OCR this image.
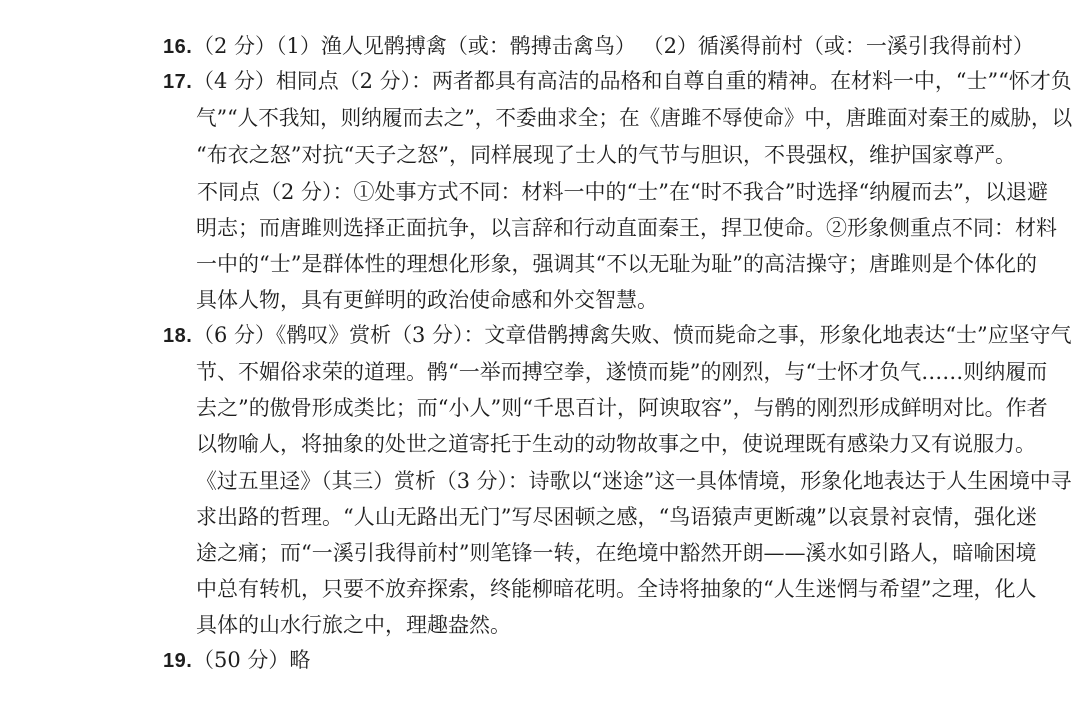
16. （2 分）（1）渔人见鹘搏禽（或：鹘搏击禽鸟） （2）循溪得前村（或：一溪引我得前村）
17. （4 分）相同点（2 分）：两者都具有高洁的品格和自尊自重的精神。在材料一中，“士”“怀才负
气”“人不我知，则纳履而去之”，不委曲求全；在《唐雎不辱使命》中，唐雎面对秦王的威胁，以
“布衣之怒”对抗“天子之怒”，同样展现了士人的气节与胆识，不畏强权，维护国家尊严。
不同点（2 分）：①处事方式不同：材料一中的“士”在“时不我合”时选择“纳履而去”，以退避
明志；而唐雎则选择正面抗争，以言辞和行动直面秦王，捍卫使命。②形象侧重点不同：材料
一中的“士”是群体性的理想化形象，强调其“不以无耻为耻”的高洁操守；唐雎则是个体化的
具体人物，具有更鲜明的政治使命感和外交智慧。
18. （6 分）《鹘叹》赏析（3 分）：文章借鹘搏禽失败、愤而毙命之事，形象化地表达“士”应坚守气
节、不媚俗求荣的道理。鹘“一举而搏空拳，遂愤而毙”的刚烈，与“士怀才负气……则纳履而
去之”的傲骨形成类比；而“小人”则“千思百计，阿谀取容”，与鹘的刚烈形成鲜明对比。作者
以物喻人，将抽象的处世之道寄托于生动的动物故事之中，使说理既有感染力又有说服力。
《过五里迳》（其三）赏析（3 分）：诗歌以“迷途”这一具体情境，形象化地表达于人生困境中寻
求出路的哲理。“人山无路出无门”写尽困顿之感，“鸟语猿声更断魂”以哀景衬哀情，强化迷
途之痛；而“一溪引我得前村”则笔锋一转，在绝境中豁然开朗——溪水如引路人，暗喻困境
中总有转机，只要不放弃探索，终能柳暗花明。全诗将抽象的“人生迷惘与希望”之理，化人
具体的山水行旅之中，理趣盎然。
19. （50 分）略
